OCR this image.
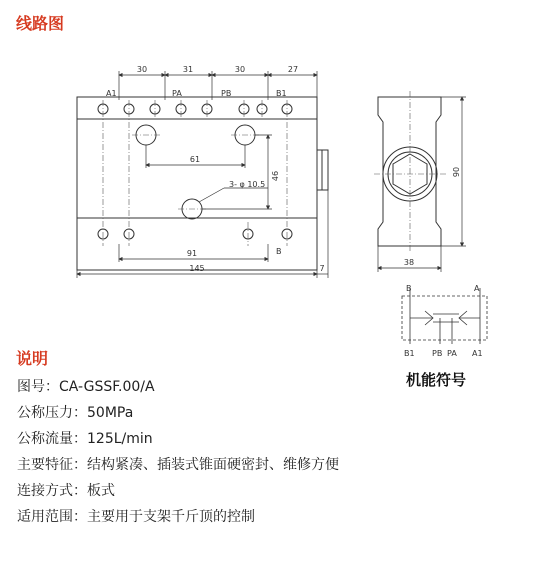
线路图
30	31	30	27
61
46
3- φ 10.5
91
145	7
A1	PA	PB	B1
B
90
38
B	A
B1 PB PA A1
机能符号
说明
图号：CA-GSSF.00/A
公称压力：50MPa
公称流量：125L/min
主要特征：结构紧凑、插装式锥面硬密封、维修方便
连接方式：板式
适用范围：主要用于支架千斤顶的控制
